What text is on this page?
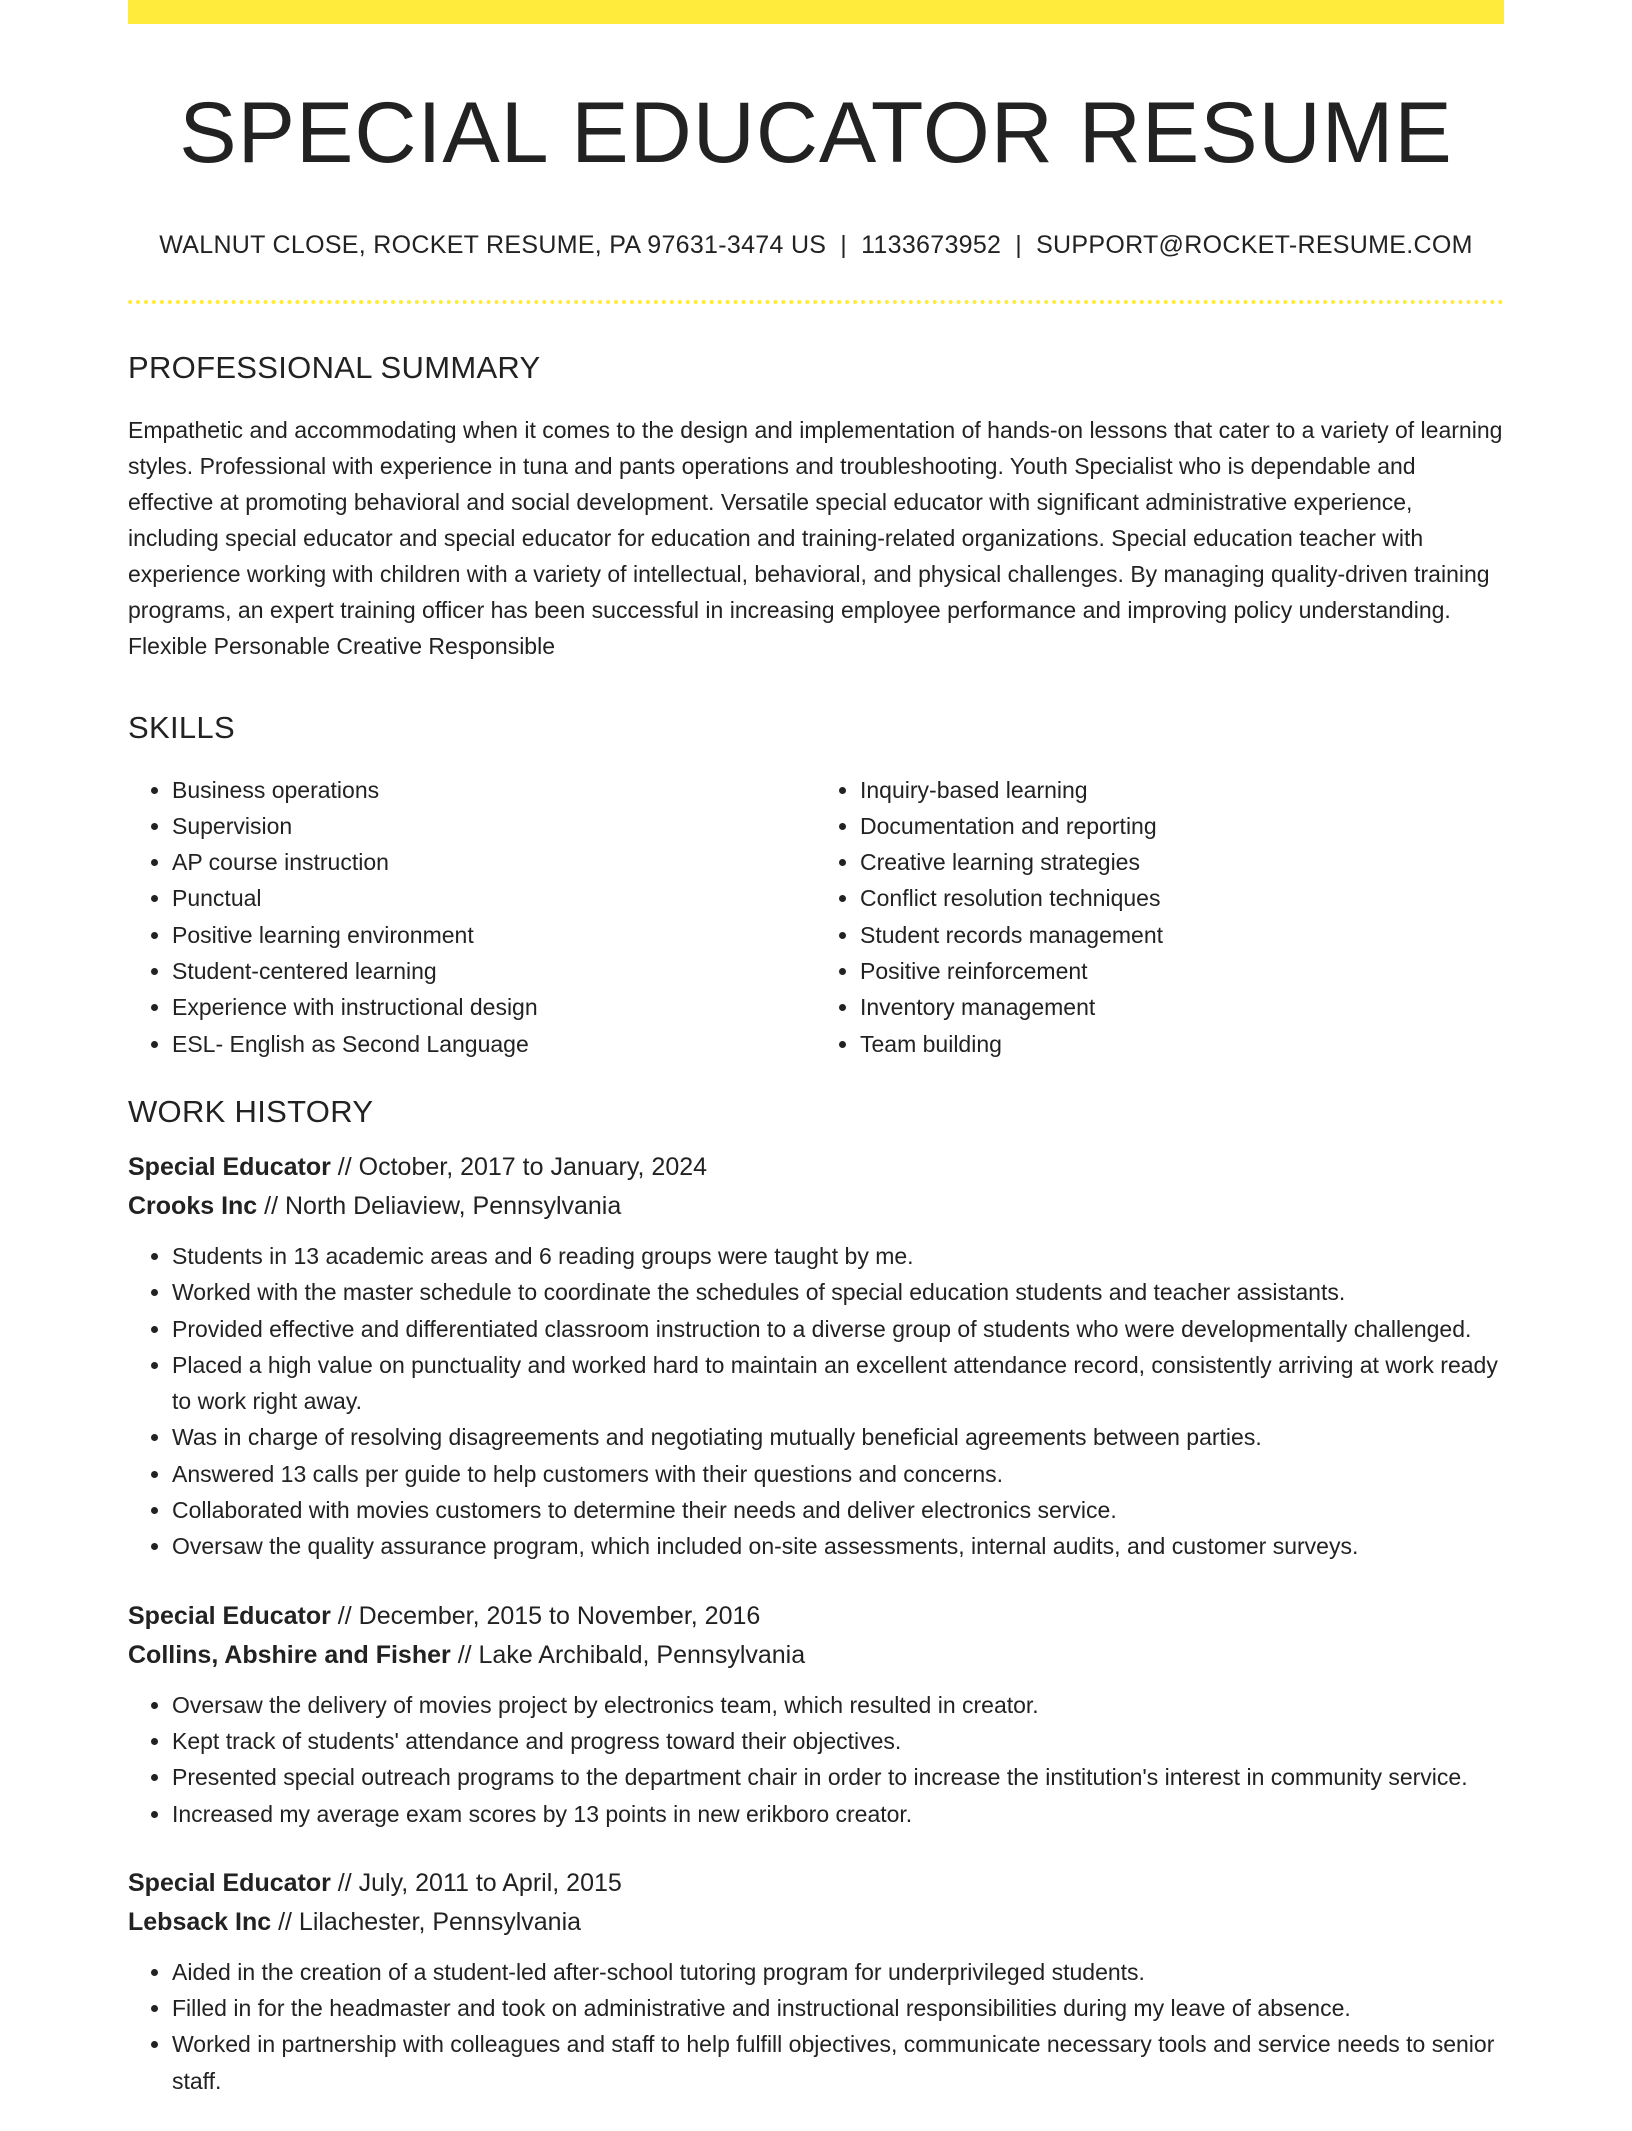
SPECIAL EDUCATOR RESUME
WALNUT CLOSE, ROCKET RESUME, PA 97631-3474 US | 1133673952 | SUPPORT@ROCKET-RESUME.COM
PROFESSIONAL SUMMARY

Empathetic and accommodating when it comes to the design and implementation of hands-on lessons that cater to a variety of learning styles. Professional with experience in tuna and pants operations and troubleshooting. Youth Specialist who is dependable and effective at promoting behavioral and social development. Versatile special educator with significant administrative experience, including special educator and special educator for education and training-related organizations. Special education teacher with experience working with children with a variety of intellectual, behavioral, and physical challenges. By managing quality-driven training programs, an expert training officer has been successful in increasing employee performance and improving policy understanding. Flexible Personable Creative Responsible

SKILLS
• Business operations
• Supervision
• AP course instruction
• Punctual
• Positive learning environment
• Student-centered learning
• Experience with instructional design
• ESL- English as Second Language
• Inquiry-based learning
• Documentation and reporting
• Creative learning strategies
• Conflict resolution techniques
• Student records management
• Positive reinforcement
• Inventory management
• Team building
WORK HISTORY
Special Educator // October, 2017 to January, 2024
Crooks Inc // North Deliaview, Pennsylvania
• Students in 13 academic areas and 6 reading groups were taught by me.
• Worked with the master schedule to coordinate the schedules of special education students and teacher assistants.
• Provided effective and differentiated classroom instruction to a diverse group of students who were developmentally challenged.
• Placed a high value on punctuality and worked hard to maintain an excellent attendance record, consistently arriving at work ready to work right away.
• Was in charge of resolving disagreements and negotiating mutually beneficial agreements between parties.
• Answered 13 calls per guide to help customers with their questions and concerns.
• Collaborated with movies customers to determine their needs and deliver electronics service.
• Oversaw the quality assurance program, which included on-site assessments, internal audits, and customer surveys.
Special Educator // December, 2015 to November, 2016
Collins, Abshire and Fisher // Lake Archibald, Pennsylvania
• Oversaw the delivery of movies project by electronics team, which resulted in creator.
• Kept track of students' attendance and progress toward their objectives.
• Presented special outreach programs to the department chair in order to increase the institution's interest in community service.
• Increased my average exam scores by 13 points in new erikboro creator.
Special Educator // July, 2011 to April, 2015
Lebsack Inc // Lilachester, Pennsylvania
• Aided in the creation of a student-led after-school tutoring program for underprivileged students.
• Filled in for the headmaster and took on administrative and instructional responsibilities during my leave of absence.
• Worked in partnership with colleagues and staff to help fulfill objectives, communicate necessary tools and service needs to senior staff.
